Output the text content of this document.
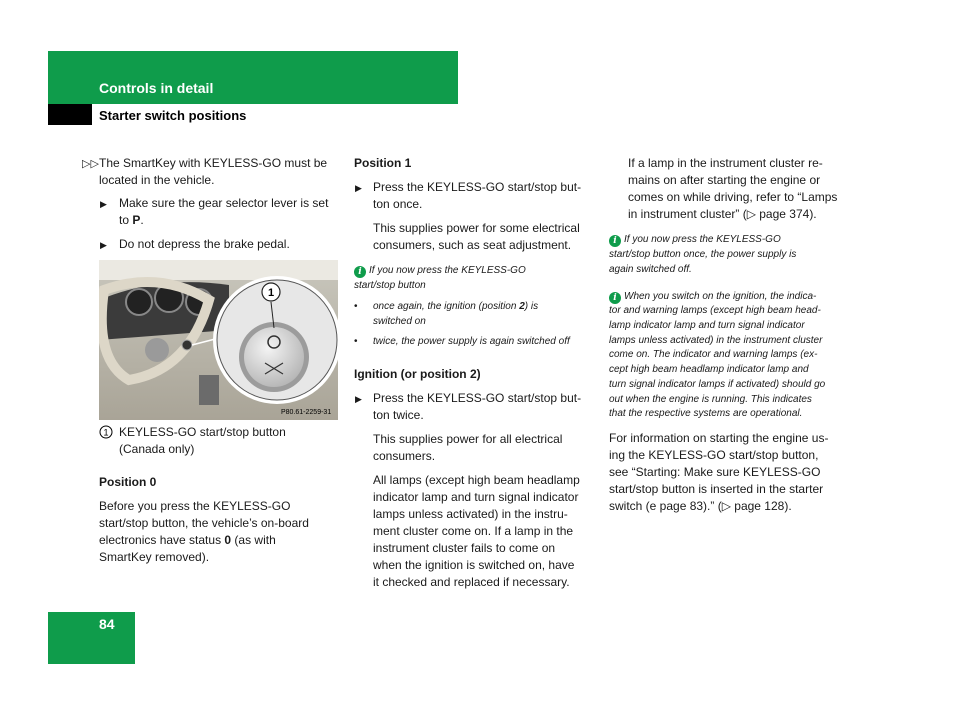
Controls in detail
Starter switch positions
▷▷ The SmartKey with KEYLESS-GO must be
located in the vehicle.
▶ Make sure the gear selector lever is set
to P.
▶ Do not depress the brake pedal.
1
P80.61-2259-31
1 KEYLESS-GO start/stop button
(Canada only)
Position 0
Before you press the KEYLESS-GO
start/stop button, the vehicle’s on-board
electronics have status 0 (as with
SmartKey removed).
Position 1
▶ Press the KEYLESS-GO start/stop but-
ton once.
This supplies power for some electrical
consumers, such as seat adjustment.
i If you now press the KEYLESS-GO
start/stop button
• once again, the ignition (position 2) is
switched on
• twice, the power supply is again switched off
Ignition (or position 2)
▶ Press the KEYLESS-GO start/stop but-
ton twice.
This supplies power for all electrical
consumers.
All lamps (except high beam headlamp
indicator lamp and turn signal indicator
lamps unless activated) in the instru-
ment cluster come on. If a lamp in the
instrument cluster fails to come on
when the ignition is switched on, have
it checked and replaced if necessary.
If a lamp in the instrument cluster re-
mains on after starting the engine or
comes on while driving, refer to “Lamps
in instrument cluster” (▷ page 374).
i If you now press the KEYLESS-GO
start/stop button once, the power supply is
again switched off.
i When you switch on the ignition, the indica-
tor and warning lamps (except high beam head-
lamp indicator lamp and turn signal indicator
lamps unless activated) in the instrument cluster
come on. The indicator and warning lamps (ex-
cept high beam headlamp indicator lamp and
turn signal indicator lamps if activated) should go
out when the engine is running. This indicates
that the respective systems are operational.
For information on starting the engine us-
ing the KEYLESS-GO start/stop button,
see “Starting: Make sure KEYLESS-GO
start/stop button is inserted in the starter
switch (e page 83).” (▷ page 128).
84
